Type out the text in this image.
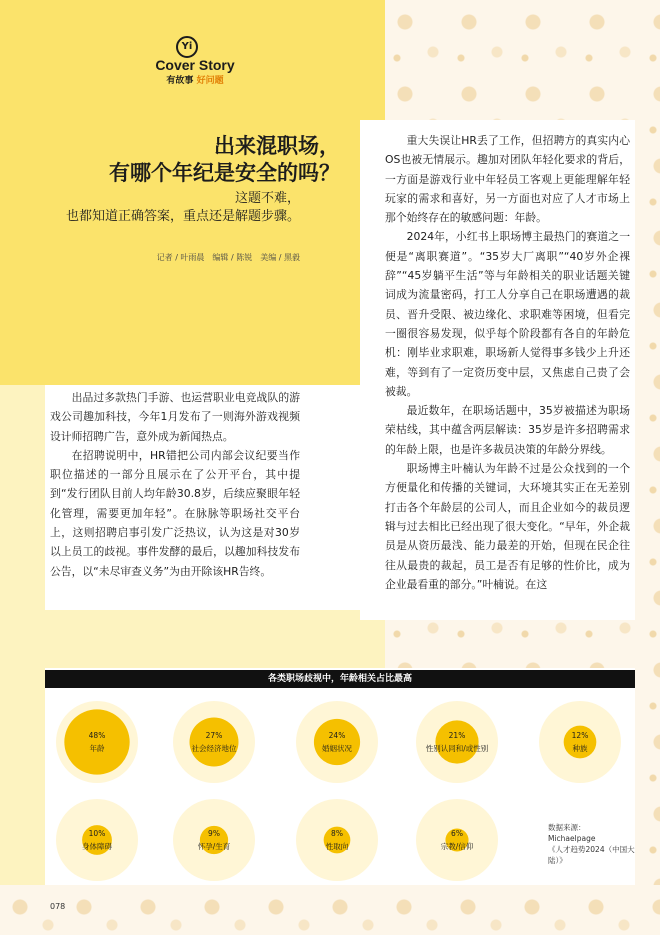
Yi
Cover Story
有故事 好问题
出来混职场，
有哪个年纪是安全的吗？
这题不难，
也都知道正确答案，重点还是解题步骤。
记者 / 叶雨晨　编辑 / 陈锐　美编 / 黑毅

出品过多款热门手游、也运营职业电竞战队的游戏公司趣加科技，今年1月发布了一则海外游戏视频设计师招聘广告，意外成为新闻热点。

在招聘说明中，HR错把公司内部会议纪要当作职位描述的一部分且展示在了公开平台，其中提到“发行团队目前人均年龄30.8岁，后续应聚眼年轻化管理，需要更加年轻”。在脉脉等职场社交平台上，这则招聘启事引发广泛热议，认为这是对30岁以上员工的歧视。事件发酵的最后，以趣加科技发布公告，以“未尽审查义务”为由开除该HR告终。

重大失误让HR丢了工作，但招聘方的真实内心OS也被无情展示。趣加对团队年轻化要求的背后，一方面是游戏行业中年轻员工客观上更能理解年轻玩家的需求和喜好，另一方面也对应了人才市场上那个始终存在的敏感问题：年龄。

2024年，小红书上职场博主最热门的赛道之一便是“离职赛道”。“35岁大厂离职”“40岁外企裸辞”“45岁躺平生活”等与年龄相关的职业话题关键词成为流量密码，打工人分享自己在职场遭遇的裁员、晋升受限、被边缘化、求职难等困境，但看完一圈很容易发现，似乎每个阶段都有各自的年龄危机：刚毕业求职难，职场新人觉得事多钱少上升还难，等到有了一定资历变中层，又焦虑自己贵了会被裁。

最近数年，在职场话题中，35岁被描述为职场荣枯线，其中蕴含两层解读：35岁是许多招聘需求的年龄上限，也是许多裁员决策的年龄分界线。

职场博主叶楠认为年龄不过是公众找到的一个方便量化和传播的关键词，大环境其实正在无差别打击各个年龄层的公司人，而且企业如今的裁员逻辑与过去相比已经出现了很大变化。“早年，外企裁员是从资历最浅、能力最差的开始，但现在民企往往从最贵的裁起，员工是否有足够的性价比，成为企业最看重的部分。”叶楠说。在这

各类职场歧视中，年龄相关占比最高
48%
年龄
27%
社会经济地位
24%
婚姻状况
21%
性别认同和/或性别
12%
种族
10%
身体障碍
9%
怀孕/生育
8%
性取向
6%
宗教/信仰
数据来源：
Michaelpage
《人才趋势2024（中国大陆）》
078
